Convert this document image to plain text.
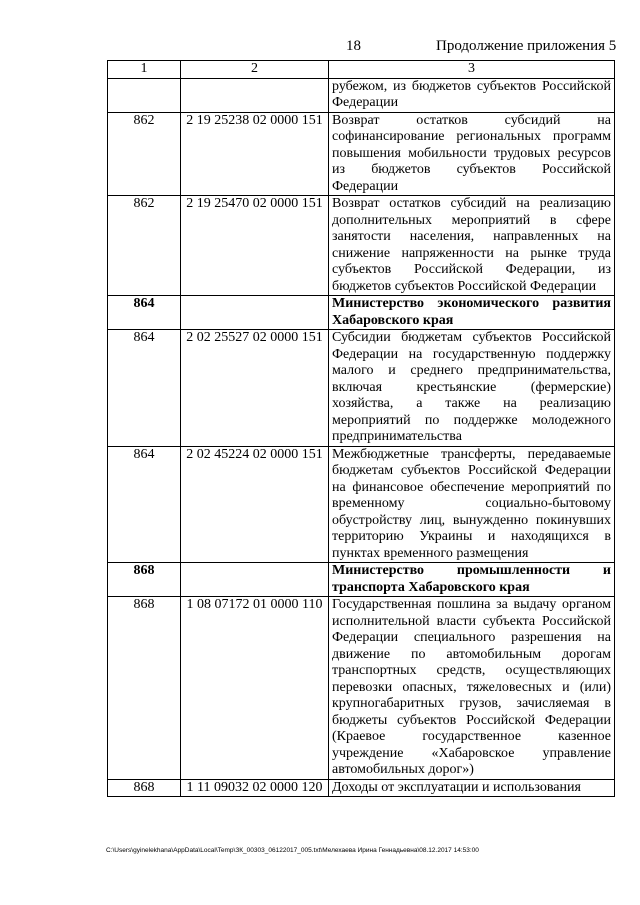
18	Продолжение приложения 5
1	2	3
		рубежом, из бюджетов субъектов Российской Федерации
862	2 19 25238 02 0000 151	Возврат остатков субсидий на софинансирование региональных программ повышения мобильности трудовых ресурсов из бюджетов субъектов Российской Федерации
862	2 19 25470 02 0000 151	Возврат остатков субсидий на реализацию дополнительных мероприятий в сфере занятости населения, направленных на снижение напряженности на рынке труда субъектов Российской Федерации, из бюджетов субъектов Российской Федерации
864		Министерство экономического развития Хабаровского края
864	2 02 25527 02 0000 151	Субсидии бюджетам субъектов Российской Федерации на государственную поддержку малого и среднего предпринимательства, включая крестьянские (фермерские) хозяйства, а также на реализацию мероприятий по поддержке молодежного предпринимательства
864	2 02 45224 02 0000 151	Межбюджетные трансферты, передаваемые бюджетам субъектов Российской Федерации на финансовое обеспечение мероприятий по временному социально-бытовому обустройству лиц, вынужденно покинувших территорию Украины и находящихся в пунктах временного размещения
868		Министерство промышленности и транспорта Хабаровского края
868	1 08 07172 01 0000 110	Государственная пошлина за выдачу органом исполнительной власти субъекта Российской Федерации специального разрешения на движение по автомобильным дорогам транспортных средств, осуществляющих перевозки опасных, тяжеловесных и (или) крупногабаритных грузов, зачисляемая в бюджеты субъектов Российской Федерации (Краевое государственное казенное учреждение «Хабаровское управление автомобильных дорог»)
868	1 11 09032 02 0000 120	Доходы от эксплуатации и использования
C:\Users\gyinelekhana\AppData\Local\Temp\ЗК_00303_06122017_005.txt\Мелехаева Ирина Геннадьевна\08.12.2017 14:53:00
